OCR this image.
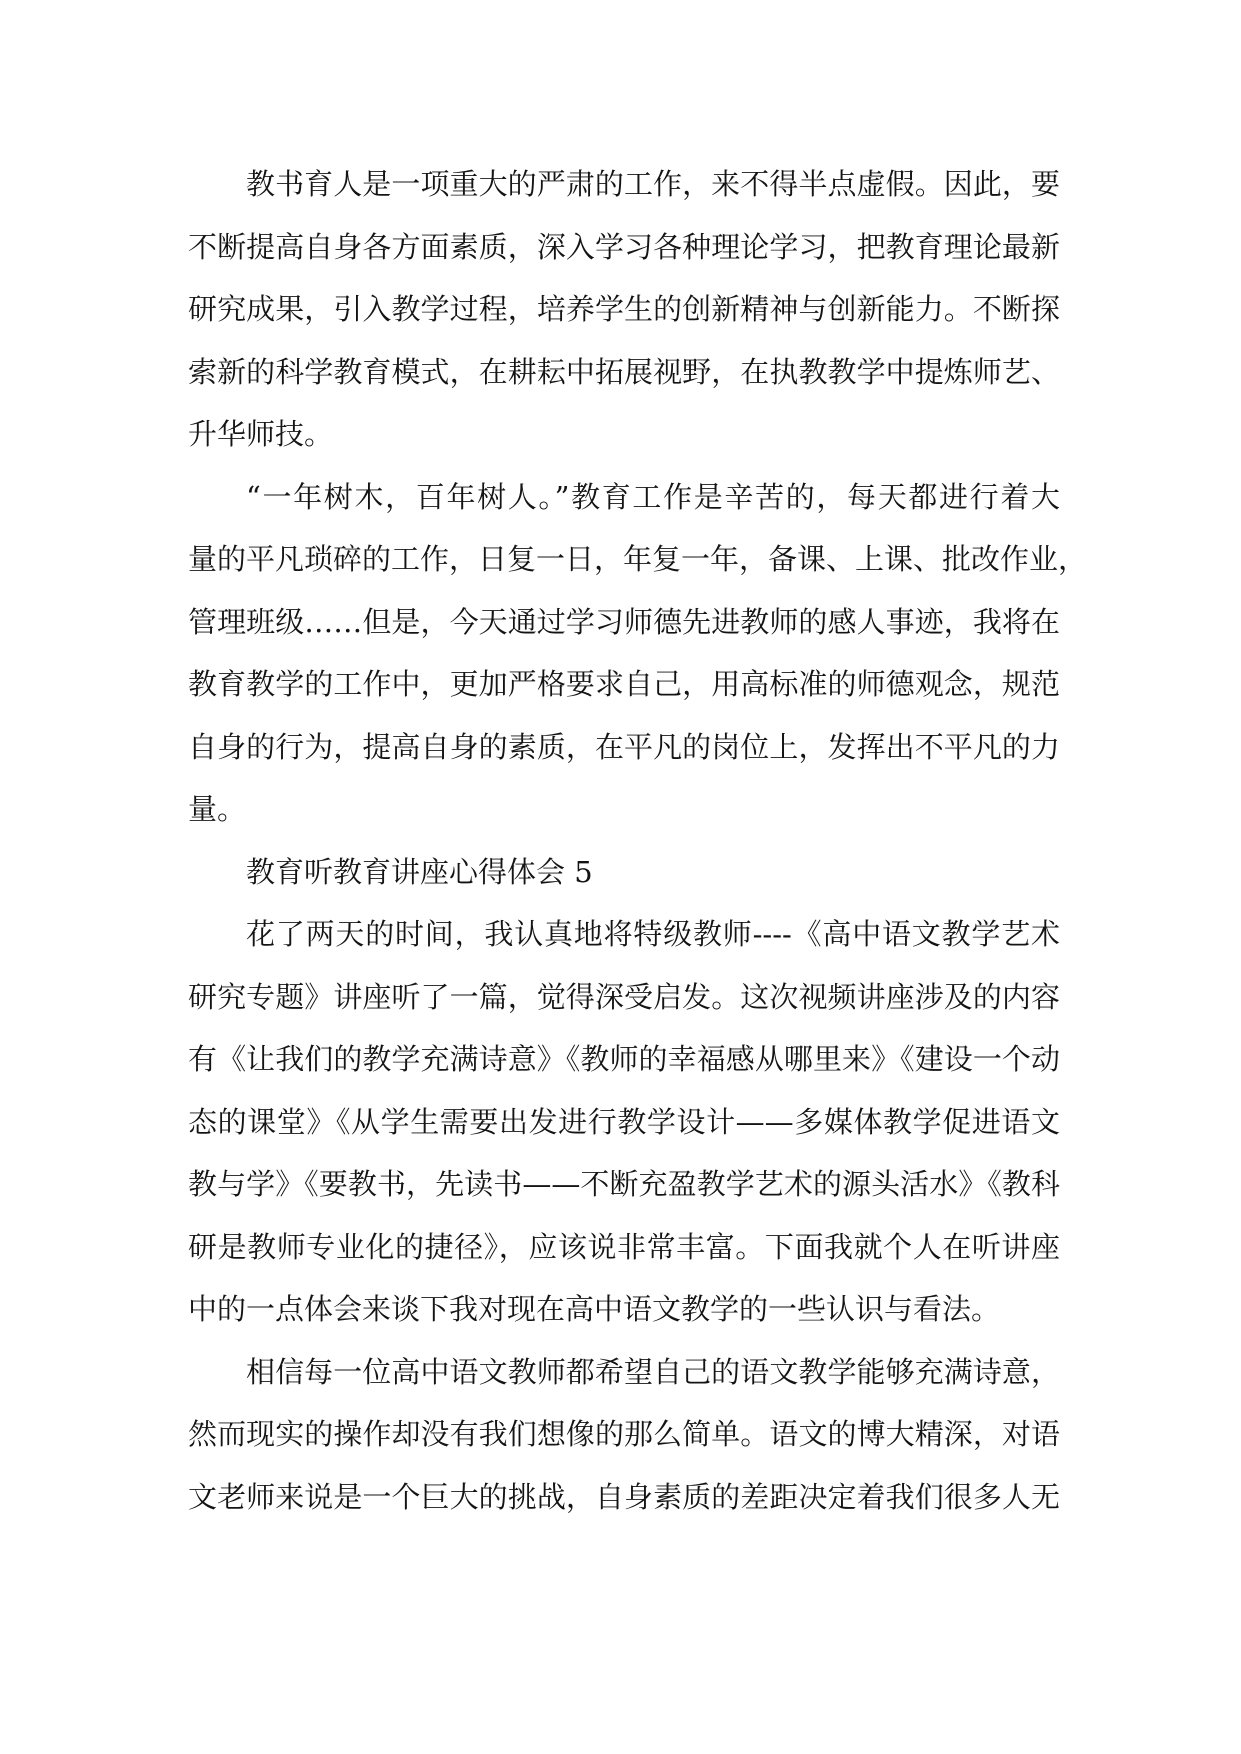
教书育人是一项重大的严肃的工作，来不得半点虚假。因此，要
不断提高自身各方面素质，深入学习各种理论学习，把教育理论最新
研究成果，引入教学过程，培养学生的创新精神与创新能力。不断探
索新的科学教育模式，在耕耘中拓展视野，在执教教学中提炼师艺、
升华师技。
“一年树木，百年树人。”教育工作是辛苦的，每天都进行着大
量的平凡琐碎的工作，日复一日，年复一年，备课、上课、批改作业，
管理班级……但是，今天通过学习师德先进教师的感人事迹，我将在
教育教学的工作中，更加严格要求自己，用高标准的师德观念，规范
自身的行为，提高自身的素质，在平凡的岗位上，发挥出不平凡的力
量。
教育听教育讲座心得体会 5
花了两天的时间，我认真地将特级教师----《高中语文教学艺术
研究专题》讲座听了一篇，觉得深受启发。这次视频讲座涉及的内容
有《让我们的教学充满诗意》《教师的幸福感从哪里来》《建设一个动
态的课堂》《从学生需要出发进行教学设计——多媒体教学促进语文
教与学》《要教书，先读书——不断充盈教学艺术的源头活水》《教科
研是教师专业化的捷径》，应该说非常丰富。下面我就个人在听讲座
中的一点体会来谈下我对现在高中语文教学的一些认识与看法。
相信每一位高中语文教师都希望自己的语文教学能够充满诗意，
然而现实的操作却没有我们想像的那么简单。语文的博大精深，对语
文老师来说是一个巨大的挑战，自身素质的差距决定着我们很多人无
